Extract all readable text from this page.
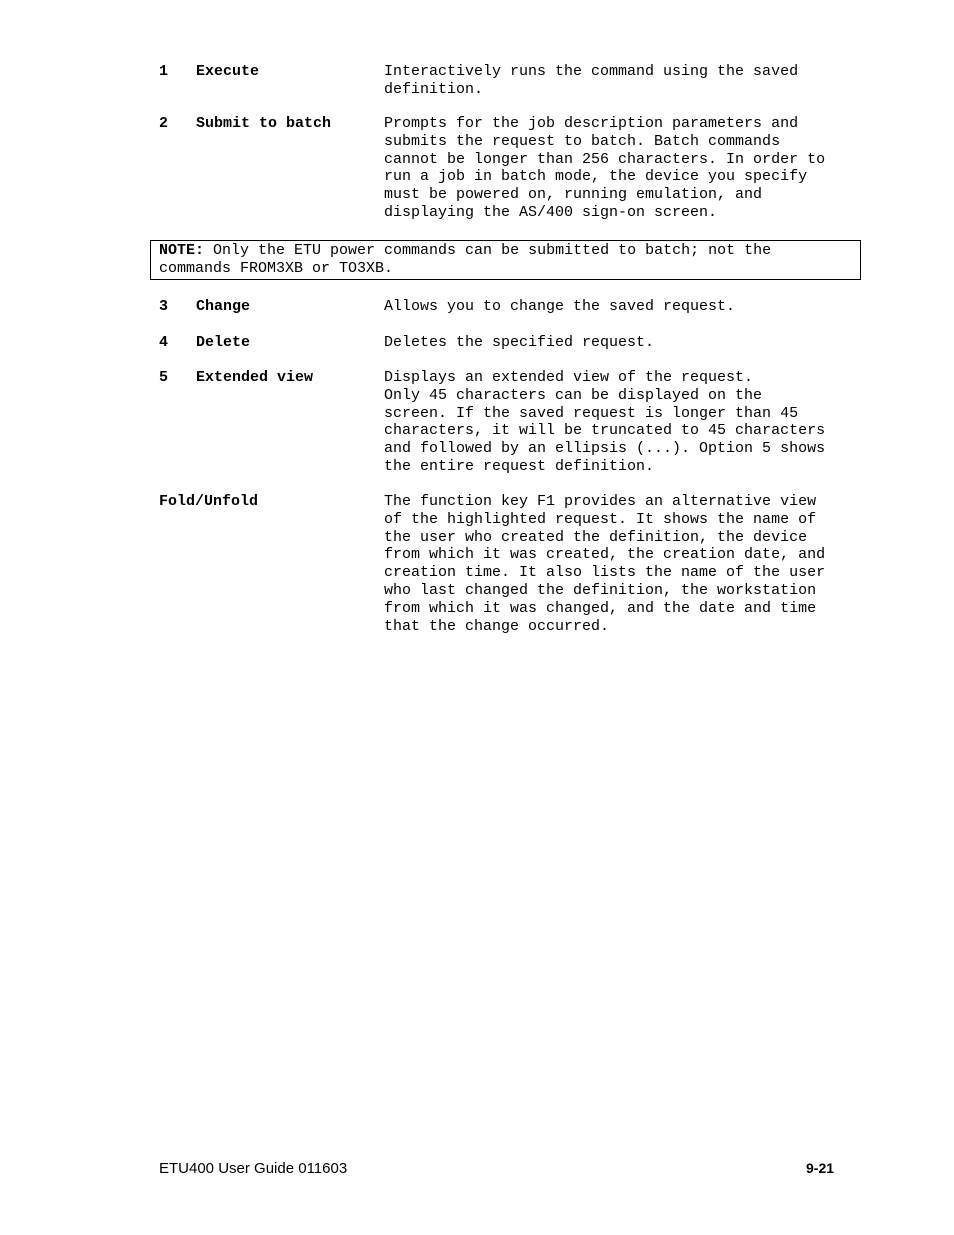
1 Execute	Interactively runs the command using the saved
definition.
2 Submit to batch	Prompts for the job description parameters and
submits the request to batch. Batch commands
cannot be longer than 256 characters. In order to
run a job in batch mode, the device you specify
must be powered on, running emulation, and
displaying the AS/400 sign-on screen.
NOTE: Only the ETU power commands can be submitted to batch; not the
commands FROM3XB or TO3XB.
3 Change	Allows you to change the saved request.
4 Delete	Deletes the specified request.
5 Extended view	Displays an extended view of the request.
Only 45 characters can be displayed on the
screen. If the saved request is longer than 45
characters, it will be truncated to 45 characters
and followed by an ellipsis (...). Option 5 shows
the entire request definition.
Fold/Unfold	The function key F1 provides an alternative view
of the highlighted request. It shows the name of
the user who created the definition, the device
from which it was created, the creation date, and
creation time. It also lists the name of the user
who last changed the definition, the workstation
from which it was changed, and the date and time
that the change occurred.
ETU400 User Guide 011603	9-21
